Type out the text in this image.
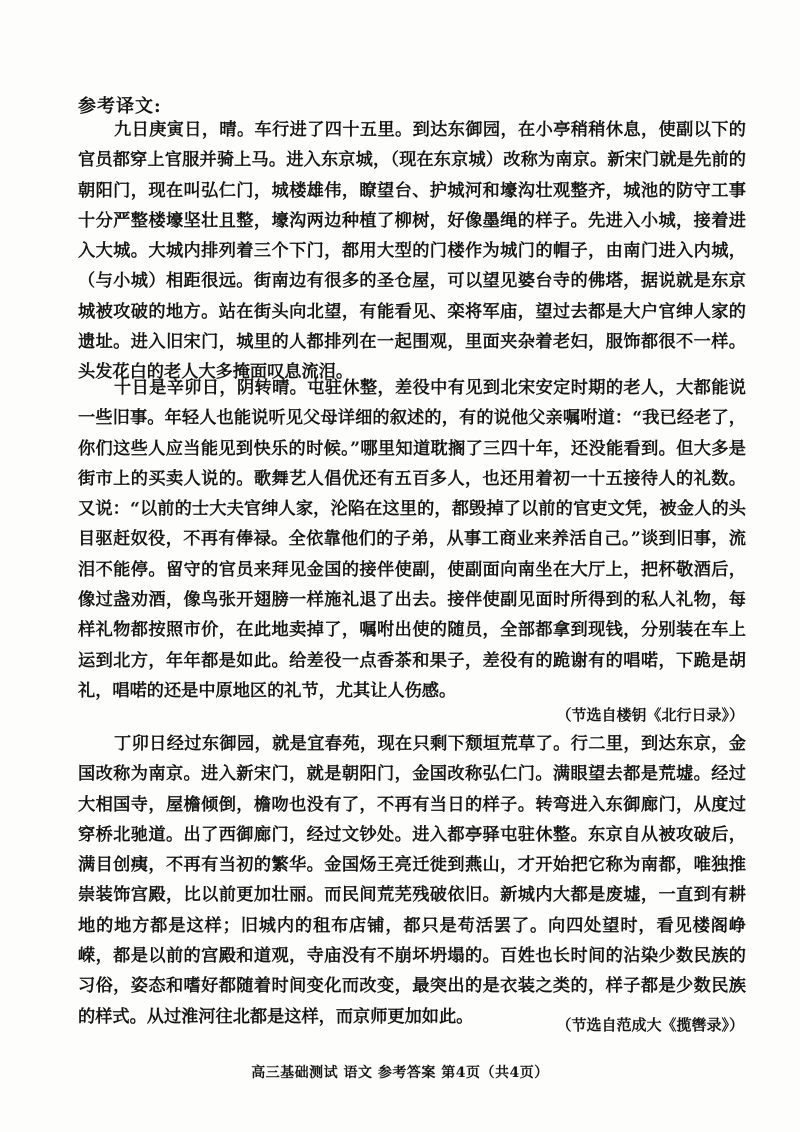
参考译文:

九日庚寅日，晴。车行进了四十五里。到达东御园，在小亭稍稍休息，使副以下的官员都穿上官服并骑上马。进入东京城，（现在东京城）改称为南京。新宋门就是先前的朝阳门，现在叫弘仁门，城楼雄伟，瞭望台、护城河和壕沟壮观整齐，城池的防守工事十分严整楼壕坚壮且整，壕沟两边种植了柳树，好像墨绳的样子。先进入小城，接着进入大城。大城内排列着三个下门，都用大型的门楼作为城门的帽子，由南门进入内城，（与小城）相距很远。街南边有很多的圣仓屋，可以望见婆台寺的佛塔，据说就是东京城被攻破的地方。站在街头向北望，有能看见、栾将军庙，望过去都是大户官绅人家的遗址。进入旧宋门，城里的人都排列在一起围观，里面夹杂着老妇，服饰都很不一样。头发花白的老人大多掩面叹息流泪。

十日是辛卯日，阴转晴。屯驻休整，差役中有见到北宋安定时期的老人，大都能说一些旧事。年轻人也能说听见父母详细的叙述的，有的说他父亲嘱咐道：“我已经老了，你们这些人应当能见到快乐的时候。”哪里知道耽搁了三四十年，还没能看到。但大多是街市上的买卖人说的。歌舞艺人倡优还有五百多人，也还用着初一十五接待人的礼数。又说：“以前的士大夫官绅人家，沦陷在这里的，都毁掉了以前的官吏文凭，被金人的头目驱赶奴役，不再有俸禄。全依靠他们的子弟，从事工商业来养活自己。”谈到旧事，流泪不能停。留守的官员来拜见金国的接伴使副，使副面向南坐在大厅上，把杯敬酒后，像过盏劝酒，像鸟张开翅膀一样施礼退了出去。接伴使副见面时所得到的私人礼物，每样礼物都按照市价，在此地卖掉了，嘱咐出使的随员，全部都拿到现钱，分别装在车上运到北方，年年都是如此。给差役一点香茶和果子，差役有的跪谢有的唱喏，下跪是胡礼，唱喏的还是中原地区的礼节，尤其让人伤感。

（节选自楼钥《北行日录》）

丁卯日经过东御园，就是宜春苑，现在只剩下颓垣荒草了。行二里，到达东京，金国改称为南京。进入新宋门，就是朝阳门，金国改称弘仁门。满眼望去都是荒墟。经过大相国寺，屋檐倾倒，檐吻也没有了，不再有当日的样子。转弯进入东御廊门，从度过穿桥北驰道。出了西御廊门，经过文钞处。进入都亭驿屯驻休整。东京自从被攻破后，满目创痍，不再有当初的繁华。金国炀王亮迁徙到燕山，才开始把它称为南都，唯独推崇装饰宫殿，比以前更加壮丽。而民间荒芜残破依旧。新城内大都是废墟，一直到有耕地的地方都是这样；旧城内的租布店铺，都只是苟活罢了。向四处望时，看见楼阁峥嵘，都是以前的宫殿和道观，寺庙没有不崩坏坍塌的。百姓也长时间的沾染少数民族的习俗，姿态和嗜好都随着时间变化而改变，最突出的是衣装之类的，样子都是少数民族的样式。从过淮河往北都是这样，而京师更加如此。	（节选自范成大《揽辔录》）
高三基础测试 语文 参考答案 第4页（共4页）
